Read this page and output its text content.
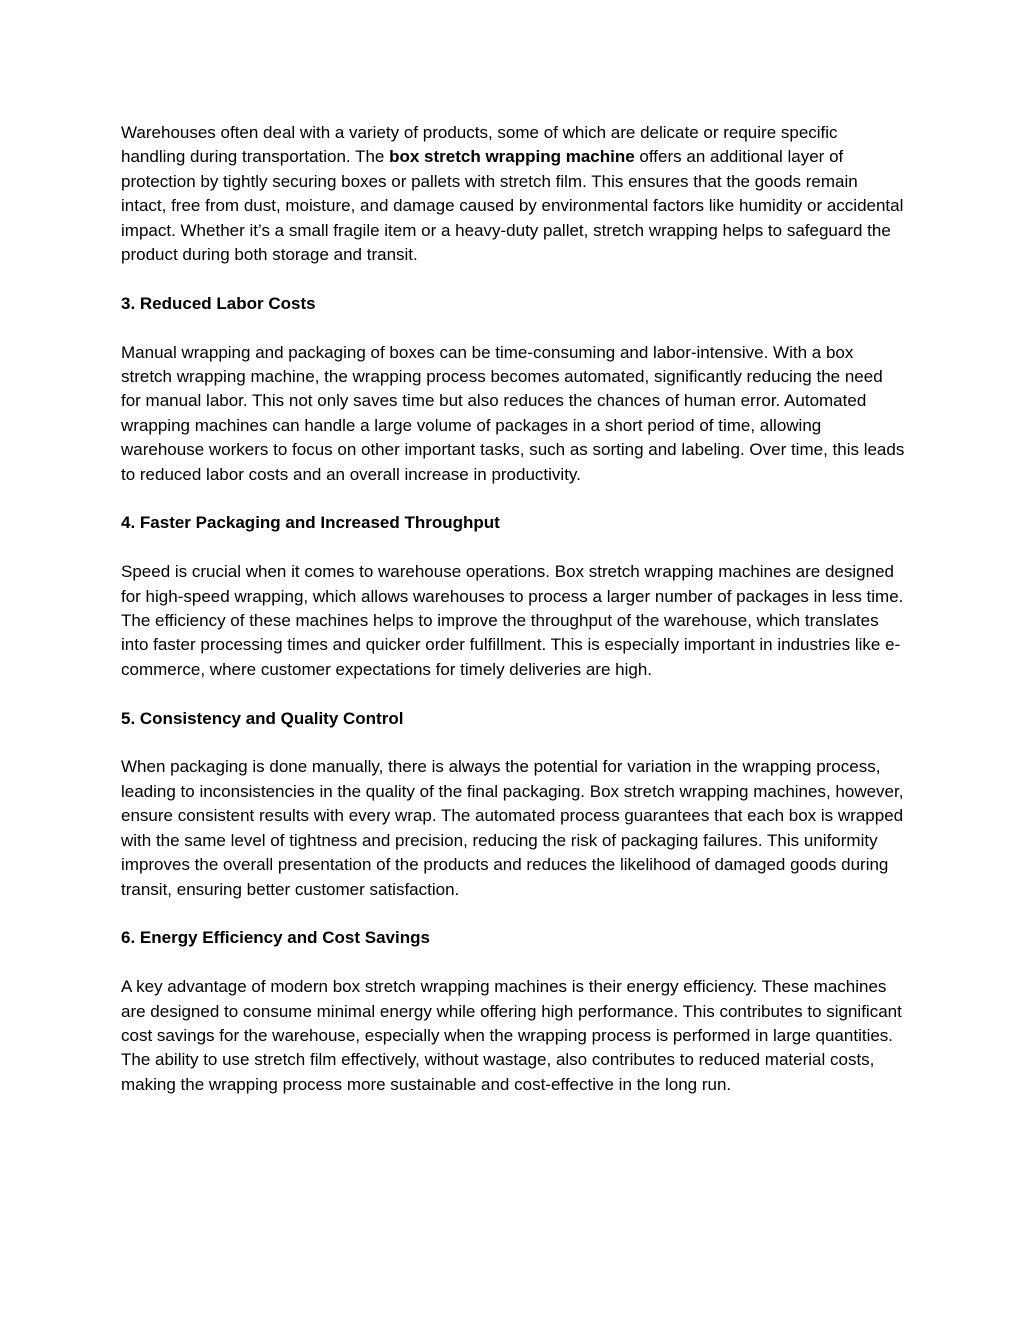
Warehouses often deal with a variety of products, some of which are delicate or require specific handling during transportation. The box stretch wrapping machine offers an additional layer of protection by tightly securing boxes or pallets with stretch film. This ensures that the goods remain intact, free from dust, moisture, and damage caused by environmental factors like humidity or accidental impact. Whether it’s a small fragile item or a heavy-duty pallet, stretch wrapping helps to safeguard the product during both storage and transit.

3. Reduced Labor Costs

Manual wrapping and packaging of boxes can be time-consuming and labor-intensive. With a box stretch wrapping machine, the wrapping process becomes automated, significantly reducing the need for manual labor. This not only saves time but also reduces the chances of human error. Automated wrapping machines can handle a large volume of packages in a short period of time, allowing warehouse workers to focus on other important tasks, such as sorting and labeling. Over time, this leads to reduced labor costs and an overall increase in productivity.

4. Faster Packaging and Increased Throughput

Speed is crucial when it comes to warehouse operations. Box stretch wrapping machines are designed for high-speed wrapping, which allows warehouses to process a larger number of packages in less time. The efficiency of these machines helps to improve the throughput of the warehouse, which translates into faster processing times and quicker order fulfillment. This is especially important in industries like e-commerce, where customer expectations for timely deliveries are high.

5. Consistency and Quality Control

When packaging is done manually, there is always the potential for variation in the wrapping process, leading to inconsistencies in the quality of the final packaging. Box stretch wrapping machines, however, ensure consistent results with every wrap. The automated process guarantees that each box is wrapped with the same level of tightness and precision, reducing the risk of packaging failures. This uniformity improves the overall presentation of the products and reduces the likelihood of damaged goods during transit, ensuring better customer satisfaction.

6. Energy Efficiency and Cost Savings

A key advantage of modern box stretch wrapping machines is their energy efficiency. These machines are designed to consume minimal energy while offering high performance. This contributes to significant cost savings for the warehouse, especially when the wrapping process is performed in large quantities. The ability to use stretch film effectively, without wastage, also contributes to reduced material costs, making the wrapping process more sustainable and cost-effective in the long run.
